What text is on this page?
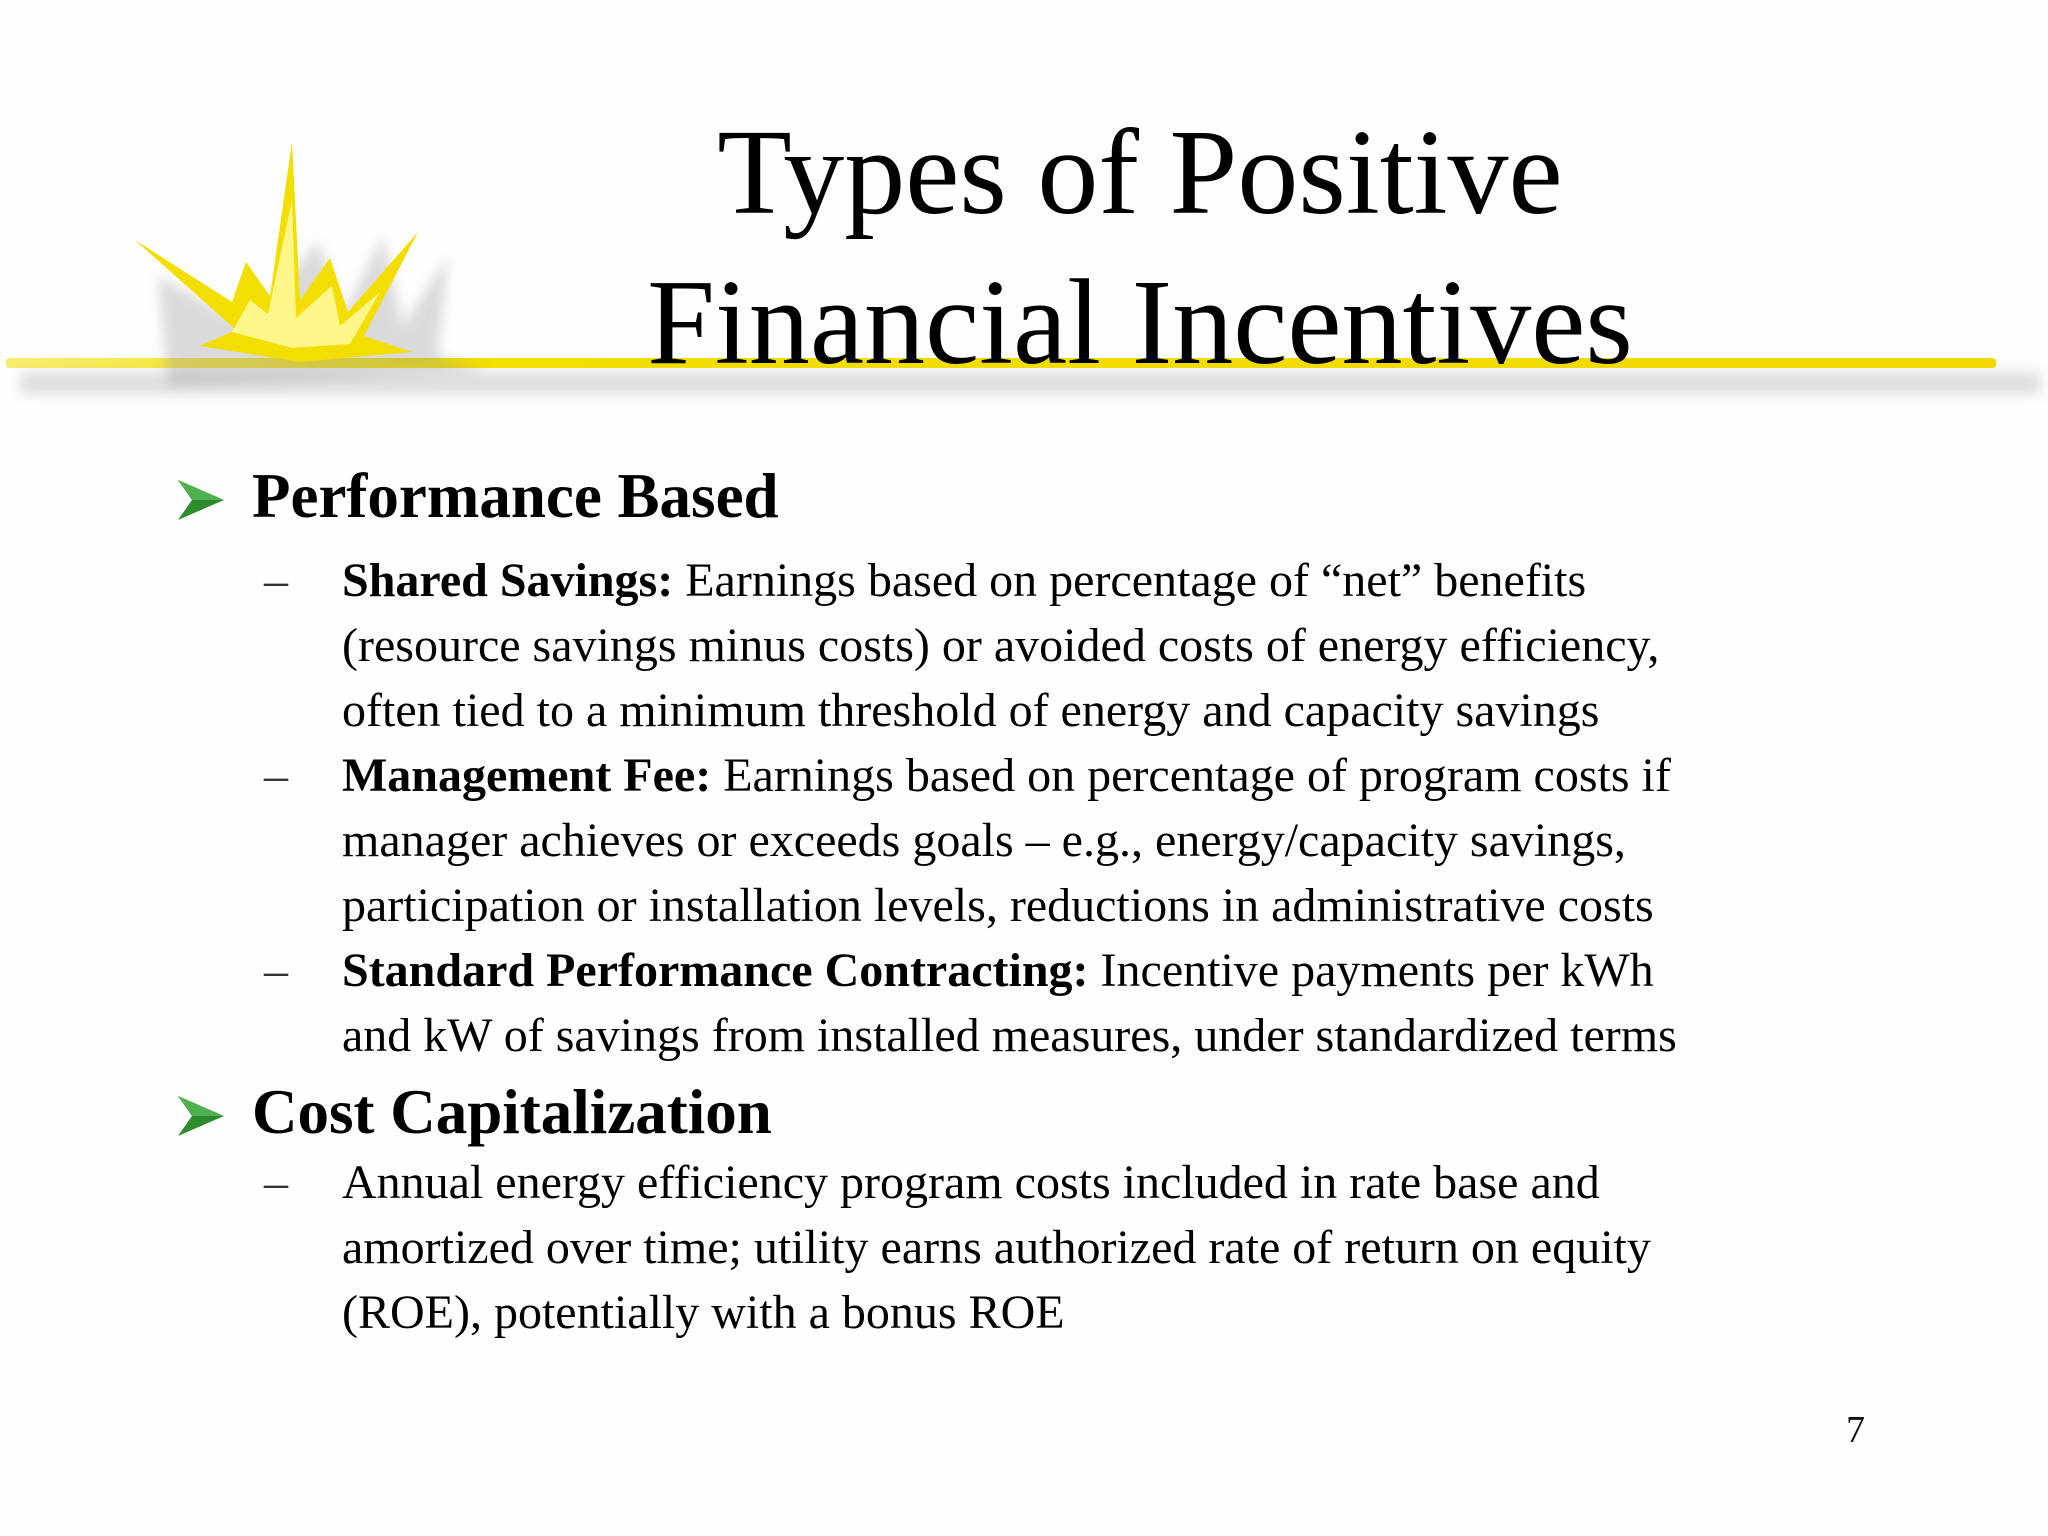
Types of Positive
Financial Incentives
Performance Based
– Shared Savings: Earnings based on percentage of “net” benefits
(resource savings minus costs) or avoided costs of energy efficiency,
often tied to a minimum threshold of energy and capacity savings
– Management Fee: Earnings based on percentage of program costs if
manager achieves or exceeds goals – e.g., energy/capacity savings,
participation or installation levels, reductions in administrative costs
– Standard Performance Contracting: Incentive payments per kWh
and kW of savings from installed measures, under standardized terms
Cost Capitalization
– Annual energy efficiency program costs included in rate base and
amortized over time; utility earns authorized rate of return on equity
(ROE), potentially with a bonus ROE
7
